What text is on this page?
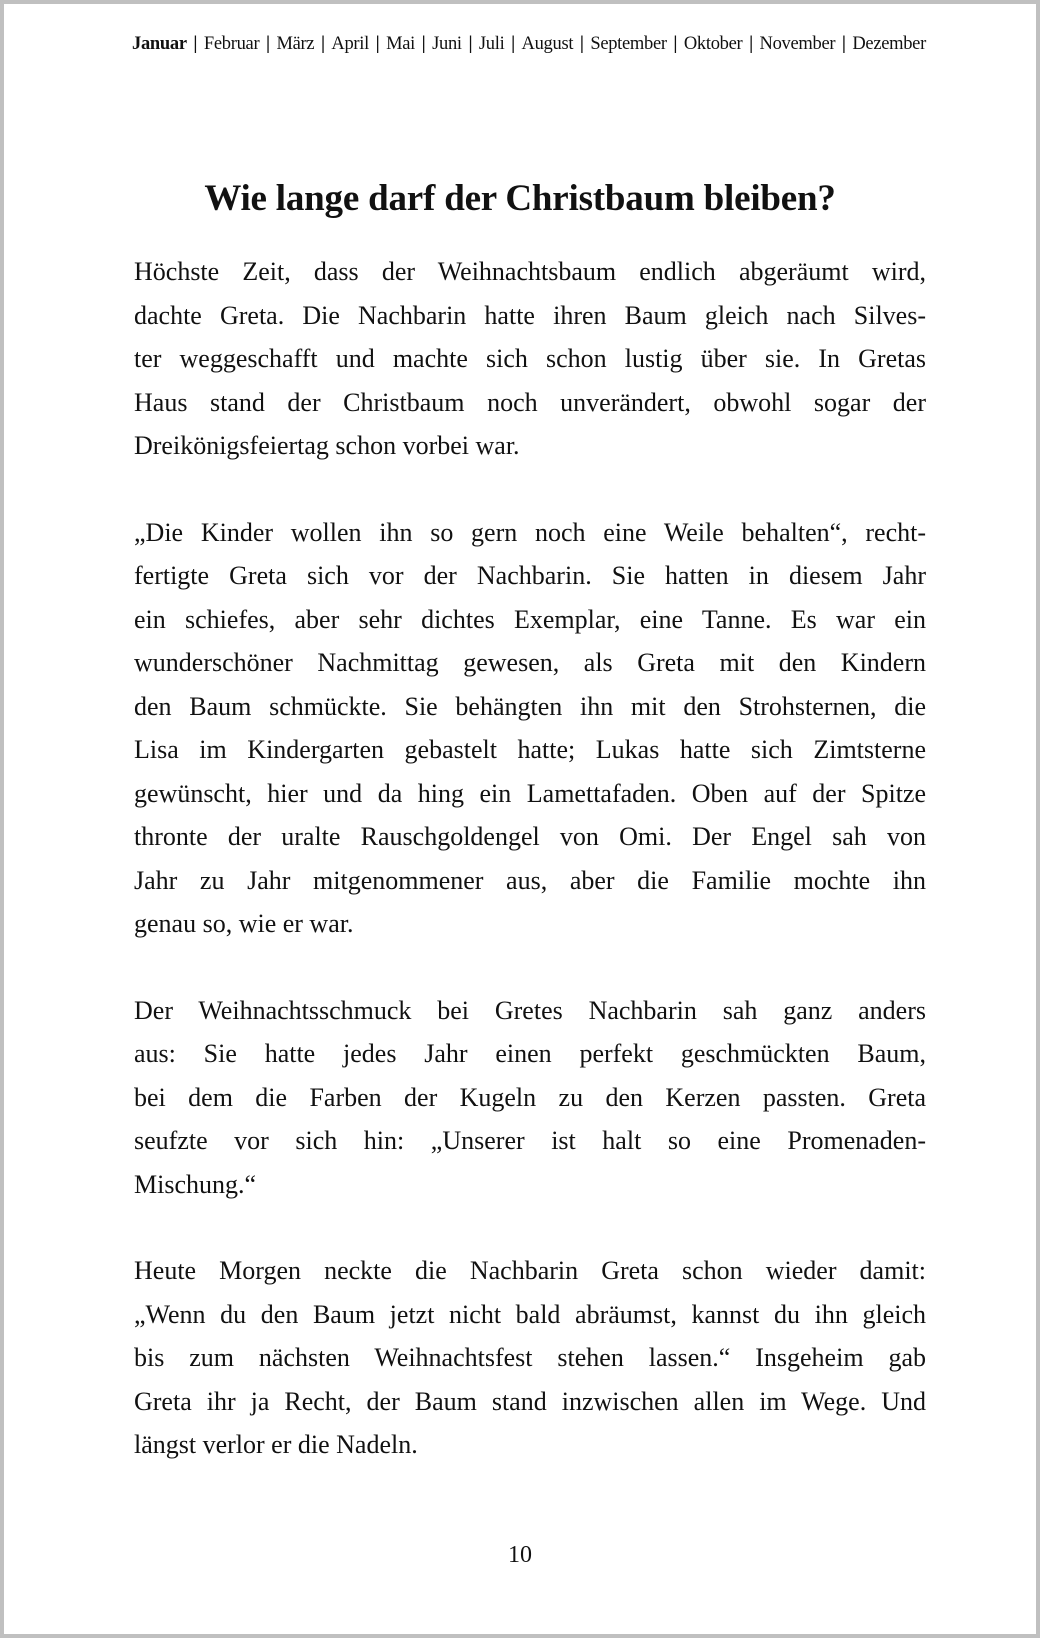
Januar | Februar | März | April | Mai | Juni | Juli | August | September | Oktober | November | Dezember
Wie lange darf der Christbaum bleiben?
Höchste Zeit, dass der Weihnachtsbaum endlich abgeräumt wird,
dachte Greta. Die Nachbarin hatte ihren Baum gleich nach Silves-
ter weggeschafft und machte sich schon lustig über sie. In Gretas
Haus stand der Christbaum noch unverändert, obwohl sogar der
Dreikönigsfeiertag schon vorbei war.
„Die Kinder wollen ihn so gern noch eine Weile behalten“, recht-
fertigte Greta sich vor der Nachbarin. Sie hatten in diesem Jahr
ein schiefes, aber sehr dichtes Exemplar, eine Tanne. Es war ein
wunderschöner Nachmittag gewesen, als Greta mit den Kindern
den Baum schmückte. Sie behängten ihn mit den Strohsternen, die
Lisa im Kindergarten gebastelt hatte; Lukas hatte sich Zimtsterne
gewünscht, hier und da hing ein Lamettafaden. Oben auf der Spitze
thronte der uralte Rauschgoldengel von Omi. Der Engel sah von
Jahr zu Jahr mitgenommener aus, aber die Familie mochte ihn
genau so, wie er war.
Der Weihnachtsschmuck bei Gretes Nachbarin sah ganz anders
aus: Sie hatte jedes Jahr einen perfekt geschmückten Baum,
bei dem die Farben der Kugeln zu den Kerzen passten. Greta
seufzte vor sich hin: „Unserer ist halt so eine Promenaden-
Mischung.“
Heute Morgen neckte die Nachbarin Greta schon wieder damit:
„Wenn du den Baum jetzt nicht bald abräumst, kannst du ihn gleich
bis zum nächsten Weihnachtsfest stehen lassen.“ Insgeheim gab
Greta ihr ja Recht, der Baum stand inzwischen allen im Wege. Und
längst verlor er die Nadeln.
10
